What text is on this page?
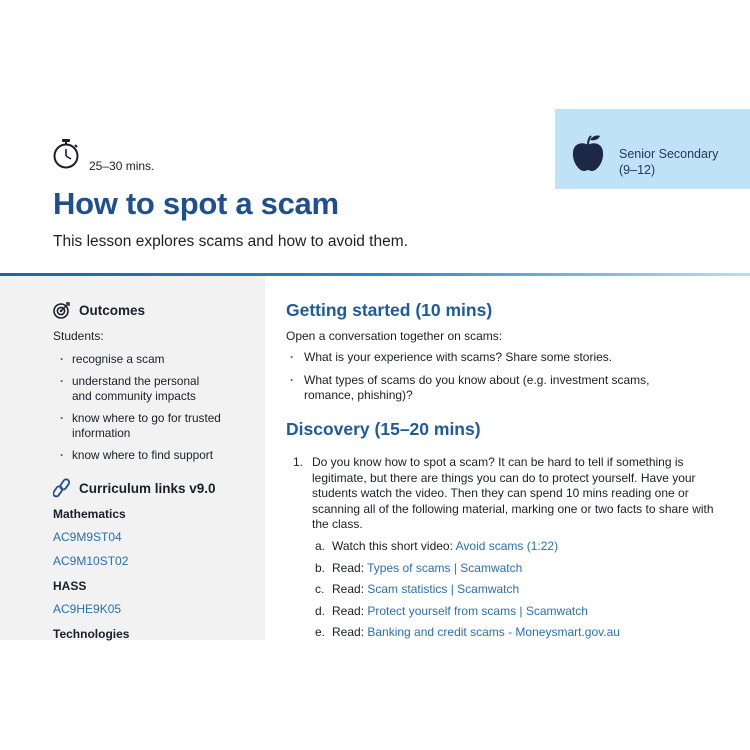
Senior Secondary
(9–12)
25–30 mins.
How to spot a scam
This lesson explores scams and how to avoid them.
Outcomes
Students:
· recognise a scam
· understand the personal and community impacts
· know where to go for trusted information
· know where to find support
Curriculum links v9.0
Mathematics
AC9M9ST04
AC9M10ST02
HASS
AC9HE9K05
Technologies
Getting started (10 mins)
Open a conversation together on scams:
· What is your experience with scams? Share some stories.
· What types of scams do you know about (e.g. investment scams, romance, phishing)?
Discovery (15–20 mins)
1. Do you know how to spot a scam? It can be hard to tell if something is legitimate, but there are things you can do to protect yourself. Have your students watch the video. Then they can spend 10 mins reading one or scanning all of the following material, marking one or two facts to share with the class.

a. Watch this short video: Avoid scams (1:22)
b. Read: Types of scams | Scamwatch
c. Read: Scam statistics | Scamwatch
d. Read: Protect yourself from scams | Scamwatch
e. Read: Banking and credit scams - Moneysmart.gov.au
